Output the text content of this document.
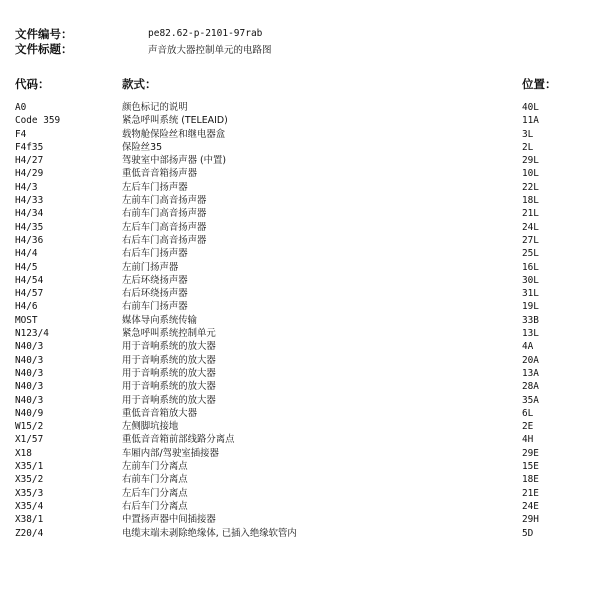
文件编号：	pe82.62-p-2101-97rab
文件标题：	声音放大器控制单元的电路图
代码：	款式：	位置：
A0	颜色标记的说明	40L
Code 359	紧急呼叫系统 (TELEAID)	11A
F4	载物舱保险丝和继电器盒	3L
F4f35	保险丝35	2L
H4/27	驾驶室中部扬声器 (中置)	29L
H4/29	重低音音箱扬声器	10L
H4/3	左后车门扬声器	22L
H4/33	左前车门高音扬声器	18L
H4/34	右前车门高音扬声器	21L
H4/35	左后车门高音扬声器	24L
H4/36	右后车门高音扬声器	27L
H4/4	右后车门扬声器	25L
H4/5	左前门扬声器	16L
H4/54	左后环绕扬声器	30L
H4/57	右后环绕扬声器	31L
H4/6	右前车门扬声器	19L
MOST	媒体导向系统传输	33B
N123/4	紧急呼叫系统控制单元	13L
N40/3	用于音响系统的放大器	4A
N40/3	用于音响系统的放大器	20A
N40/3	用于音响系统的放大器	13A
N40/3	用于音响系统的放大器	28A
N40/3	用于音响系统的放大器	35A
N40/9	重低音音箱放大器	6L
W15/2	左侧脚坑接地	2E
X1/57	重低音音箱前部线路分离点	4H
X18	车厢内部/驾驶室插接器	29E
X35/1	左前车门分离点	15E
X35/2	右前车门分离点	18E
X35/3	左后车门分离点	21E
X35/4	右后车门分离点	24E
X38/1	中置扬声器中间插接器	29H
Z20/4	电缆末端未剥除绝缘体, 已插入绝缘软管内	5D
